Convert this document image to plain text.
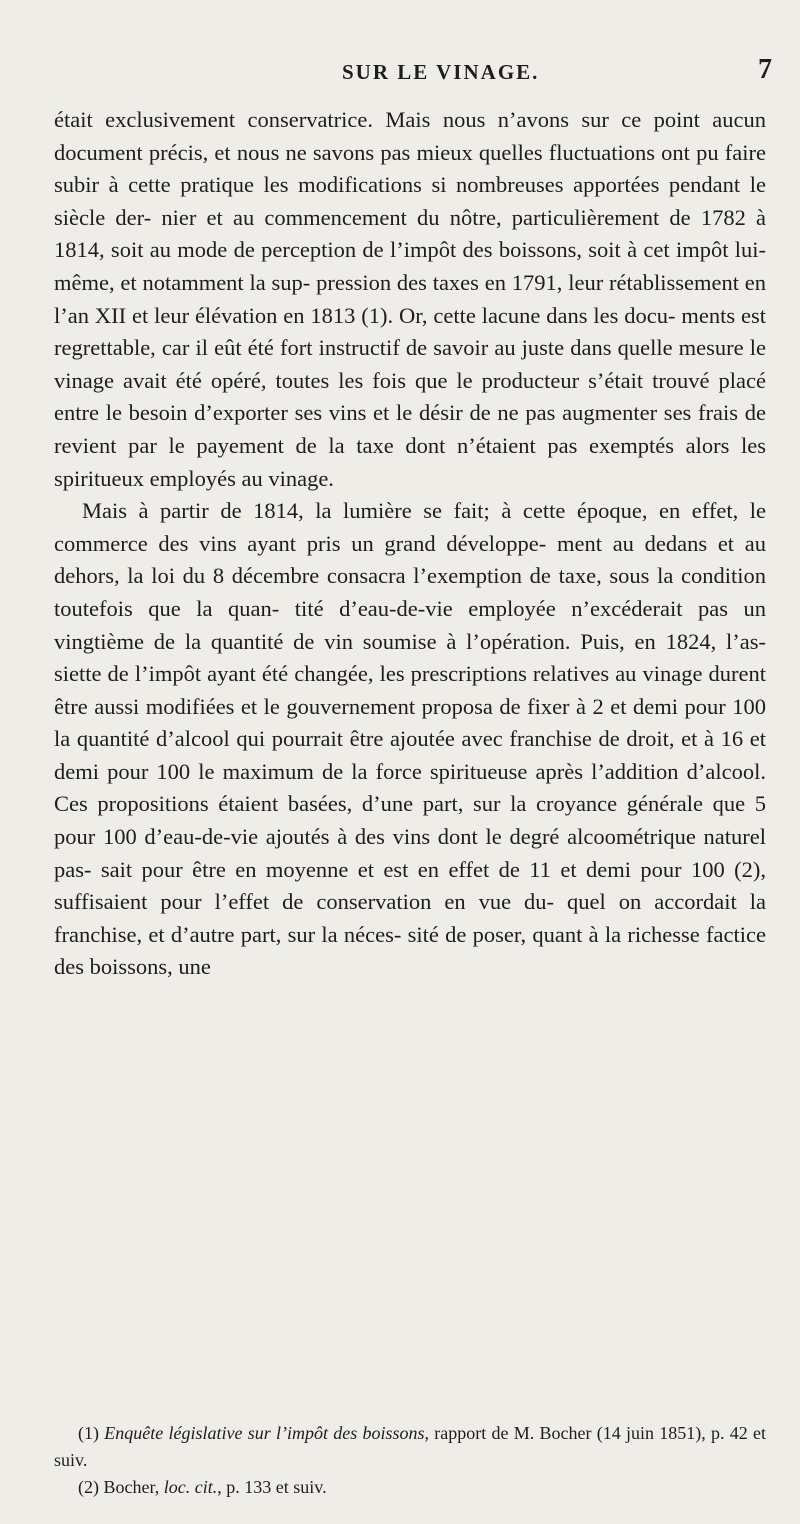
SUR LE VINAGE.	7

était exclusivement conservatrice. Mais nous n’avons sur ce point aucun document précis, et nous ne savons pas mieux quelles fluctuations ont pu faire subir à cette pratique les modifications si nombreuses apportées pendant le siècle der- nier et au commencement du nôtre, particulièrement de 1782 à 1814, soit au mode de perception de l’impôt des boissons, soit à cet impôt lui-même, et notamment la sup- pression des taxes en 1791, leur rétablissement en l’an XII et leur élévation en 1813 (1). Or, cette lacune dans les docu- ments est regrettable, car il eût été fort instructif de savoir au juste dans quelle mesure le vinage avait été opéré, toutes les fois que le producteur s’était trouvé placé entre le besoin d’exporter ses vins et le désir de ne pas augmenter ses frais de revient par le payement de la taxe dont n’étaient pas exemptés alors les spiritueux employés au vinage.

Mais à partir de 1814, la lumière se fait; à cette époque, en effet, le commerce des vins ayant pris un grand développe- ment au dedans et au dehors, la loi du 8 décembre consacra l’exemption de taxe, sous la condition toutefois que la quan- tité d’eau-de-vie employée n’excéderait pas un vingtième de la quantité de vin soumise à l’opération. Puis, en 1824, l’as- siette de l’impôt ayant été changée, les prescriptions relatives au vinage durent être aussi modifiées et le gouvernement proposa de fixer à 2 et demi pour 100 la quantité d’alcool qui pourrait être ajoutée avec franchise de droit, et à 16 et demi pour 100 le maximum de la force spiritueuse après l’addition d’alcool. Ces propositions étaient basées, d’une part, sur la croyance générale que 5 pour 100 d’eau-de-vie ajoutés à des vins dont le degré alcoométrique naturel pas- sait pour être en moyenne et est en effet de 11 et demi pour 100 (2), suffisaient pour l’effet de conservation en vue du- quel on accordait la franchise, et d’autre part, sur la néces- sité de poser, quant à la richesse factice des boissons, une

(1) Enquête législative sur l’impôt des boissons, rapport de M. Bocher (14 juin 1851), p. 42 et suiv.

(2) Bocher, loc. cit., p. 133 et suiv.
